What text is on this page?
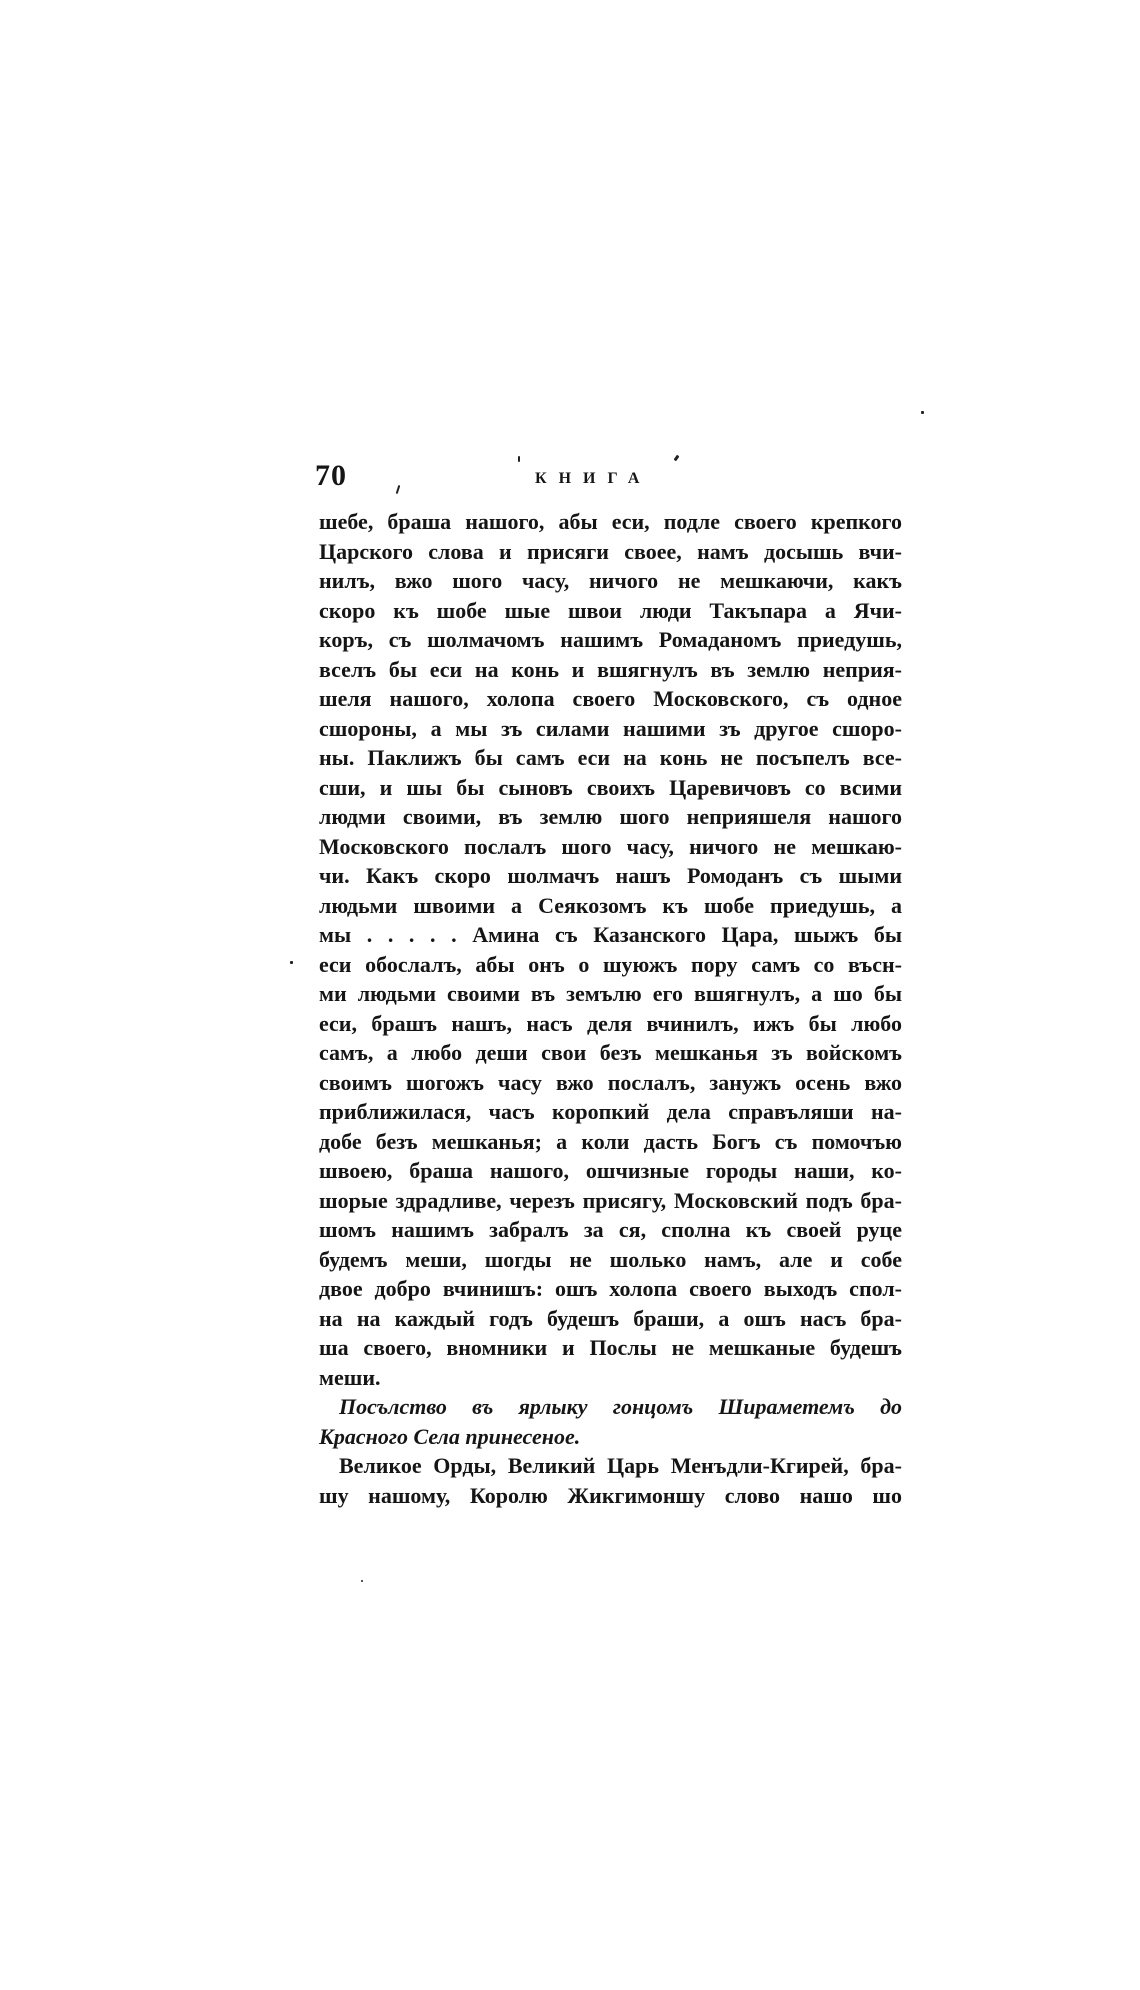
70	КНИГА
шебе, браша нашого, абы еси, подле своего крепкого
Царского слова и присяги своее, намъ досышь вчи-
нилъ, вжо шого часу, ничого не мешкаючи, какъ
скоро къ шобе шые швои люди Такъпара а Ячи-
коръ, съ шолмачомъ нашимъ Ромаданомъ приедушь,
вселъ бы еси на конь и вшягнулъ въ землю неприя-
шеля нашого, холопа своего Московского, съ одное
сшороны, а мы зъ силами нашими зъ другое сшоро-
ны. Паклижъ бы самъ еси на конь не посъпелъ все-
сши, и шы бы сыновъ своихъ Царевичовъ со всими
людми своими, въ землю шого неприяшеля нашого
Московского послалъ шого часу, ничого не мешкаю-
чи. Какъ скоро шолмачъ нашъ Ромоданъ съ шыми
людьми швоими а Сеякозомъ къ шобе приедушь, а
мы . . . . . Амина съ Казанского Цара, шыжъ бы
еси обослалъ, абы онъ о шуюжъ пору самъ со въсн-
ми людьми своими въ земълю его вшягнулъ, а шо бы
еси, брашъ нашъ, насъ деля вчинилъ, ижъ бы любо
самъ, а любо деши свои безъ мешканья зъ войскомъ
своимъ шогожъ часу вжо послалъ, занужъ осень вжо
приближилася, часъ коропкий дела справъляши на-
добе безъ мешканья; а коли дасть Богъ съ помочъю
швоею, браша нашого, ошчизные городы наши, ко-
шорые здрадливе, черезъ присягу, Московский подъ бра-
шомъ нашимъ забралъ за ся, сполна къ своей руце
будемъ меши, шогды не шолько намъ, але и собе
двое добро вчинишъ: ошъ холопа своего выходъ спол-
на на каждый годъ будешъ браши, а ошъ насъ бра-
ша своего, вномники и Послы не мешканые будешъ
меши.
Посълство въ ярлыку гонцомъ Шираметемъ до
Красного Села принесеное.
Великое Орды, Великий Царь Менъдли-Кгирей, бра-
шу нашому, Королю Жикгимоншу слово нашо шо
